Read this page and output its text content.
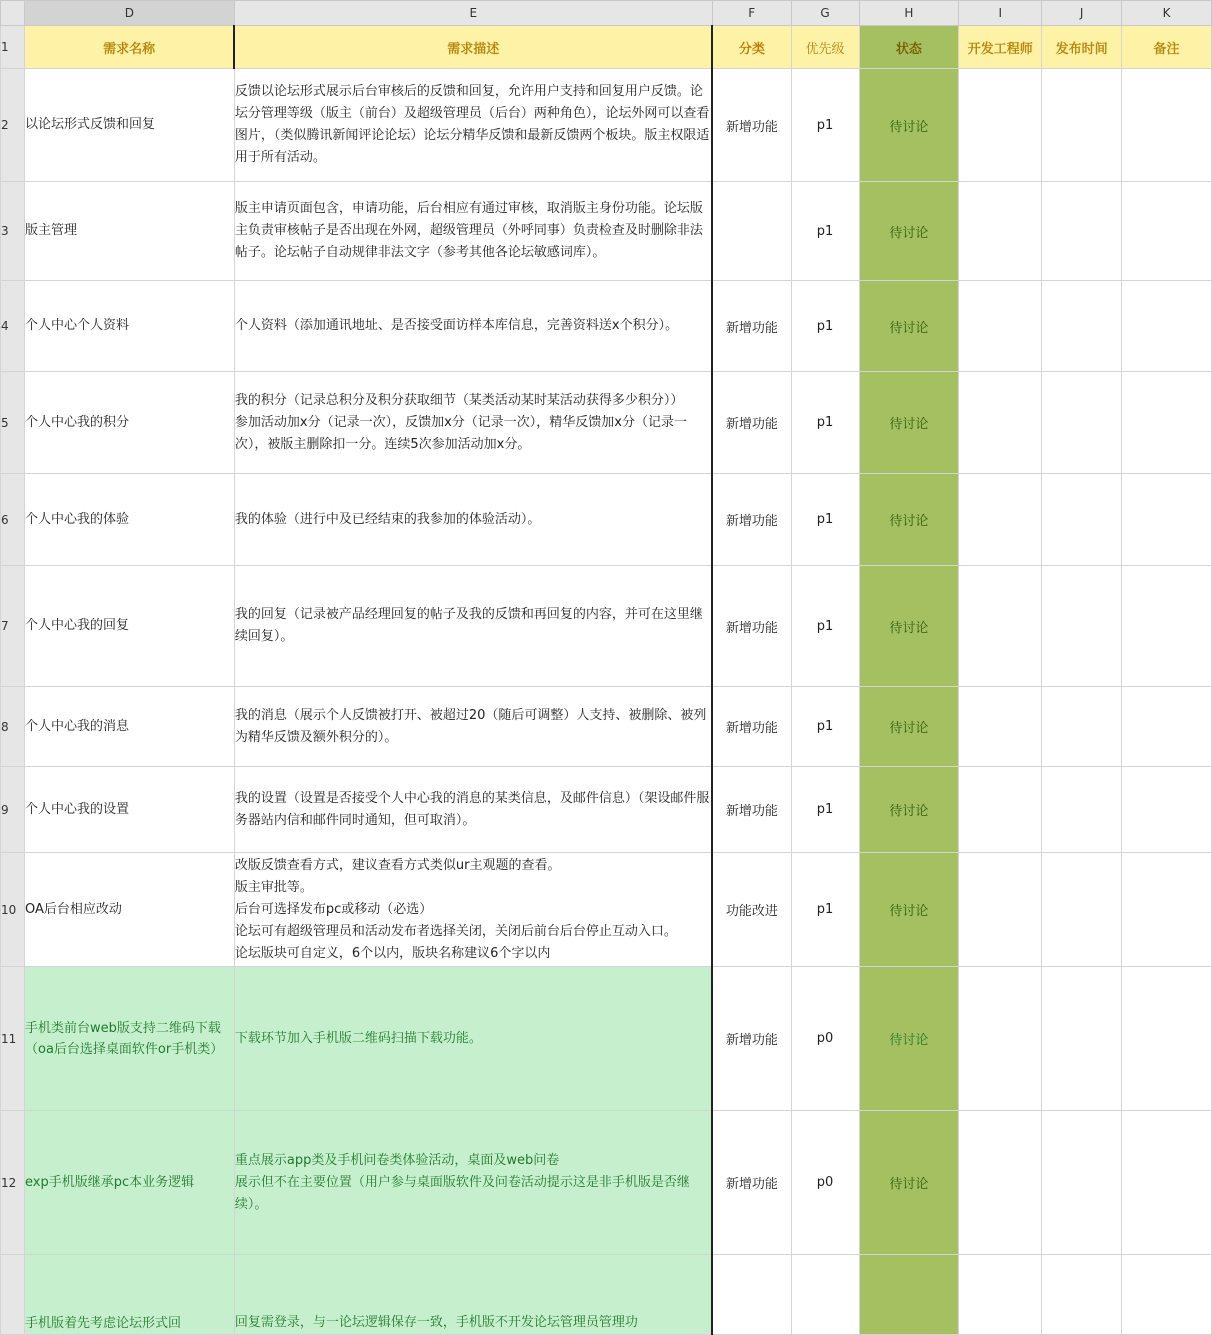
	D	E	F	G	H	I	J	K
1	需求名称	需求描述	分类	优先级	状态	开发工程师	发布时间	备注
2	以论坛形式反馈和回复	反馈以论坛形式展示后台审核后的反馈和回复，允许用户支持和回复用户反馈。论坛分管理等级（版主（前台）及超级管理员（后台）两种角色），论坛外网可以查看图片，（类似腾讯新闻评论论坛）论坛分精华反馈和最新反馈两个板块。版主权限适用于所有活动。	新增功能	p1	待讨论			
3	版主管理	版主申请页面包含，申请功能，后台相应有通过审核，取消版主身份功能。论坛版主负责审核帖子是否出现在外网，超级管理员（外呼同事）负责检查及时删除非法帖子。论坛帖子自动规律非法文字（参考其他各论坛敏感词库）。		p1	待讨论			
4	个人中心个人资料	个人资料（添加通讯地址、是否接受面访样本库信息，完善资料送x个积分）。	新增功能	p1	待讨论			
5	个人中心我的积分	我的积分（记录总积分及积分获取细节（某类活动某时某活动获得多少积分））
参加活动加x分（记录一次），反馈加x分（记录一次），精华反馈加x分（记录一次），被版主删除扣一分。连续5次参加活动加x分。	新增功能	p1	待讨论			
6	个人中心我的体验	我的体验（进行中及已经结束的我参加的体验活动）。	新增功能	p1	待讨论			
7	个人中心我的回复	我的回复（记录被产品经理回复的帖子及我的反馈和再回复的内容，并可在这里继续回复）。	新增功能	p1	待讨论			
8	个人中心我的消息	我的消息（展示个人反馈被打开、被超过20（随后可调整）人支持、被删除、被列为精华反馈及额外积分的）。	新增功能	p1	待讨论			
9	个人中心我的设置	我的设置（设置是否接受个人中心我的消息的某类信息，及邮件信息）（架设邮件服务器站内信和邮件同时通知，但可取消）。	新增功能	p1	待讨论			
10	OA后台相应改动	改版反馈查看方式，建议查看方式类似ur主观题的查看。
版主审批等。
后台可选择发布pc或移动（必选）
论坛可有超级管理员和活动发布者选择关闭，关闭后前台后台停止互动入口。
论坛版块可自定义，6个以内，版块名称建议6个字以内	功能改进	p1	待讨论			
11	手机类前台web版支持二维码下载（oa后台选择桌面软件or手机类）	下载环节加入手机版二维码扫描下载功能。	新增功能	p0	待讨论			
12	exp手机版继承pc本业务逻辑	重点展示app类及手机问卷类体验活动，桌面及web问卷
展示但不在主要位置（用户参与桌面版软件及问卷活动提示这是非手机版是否继续）。	新增功能	p0	待讨论			
	手机版着先考虑论坛形式回	回复需登录，与一论坛逻辑保存一致，手机版不开发论坛管理员管理功						
